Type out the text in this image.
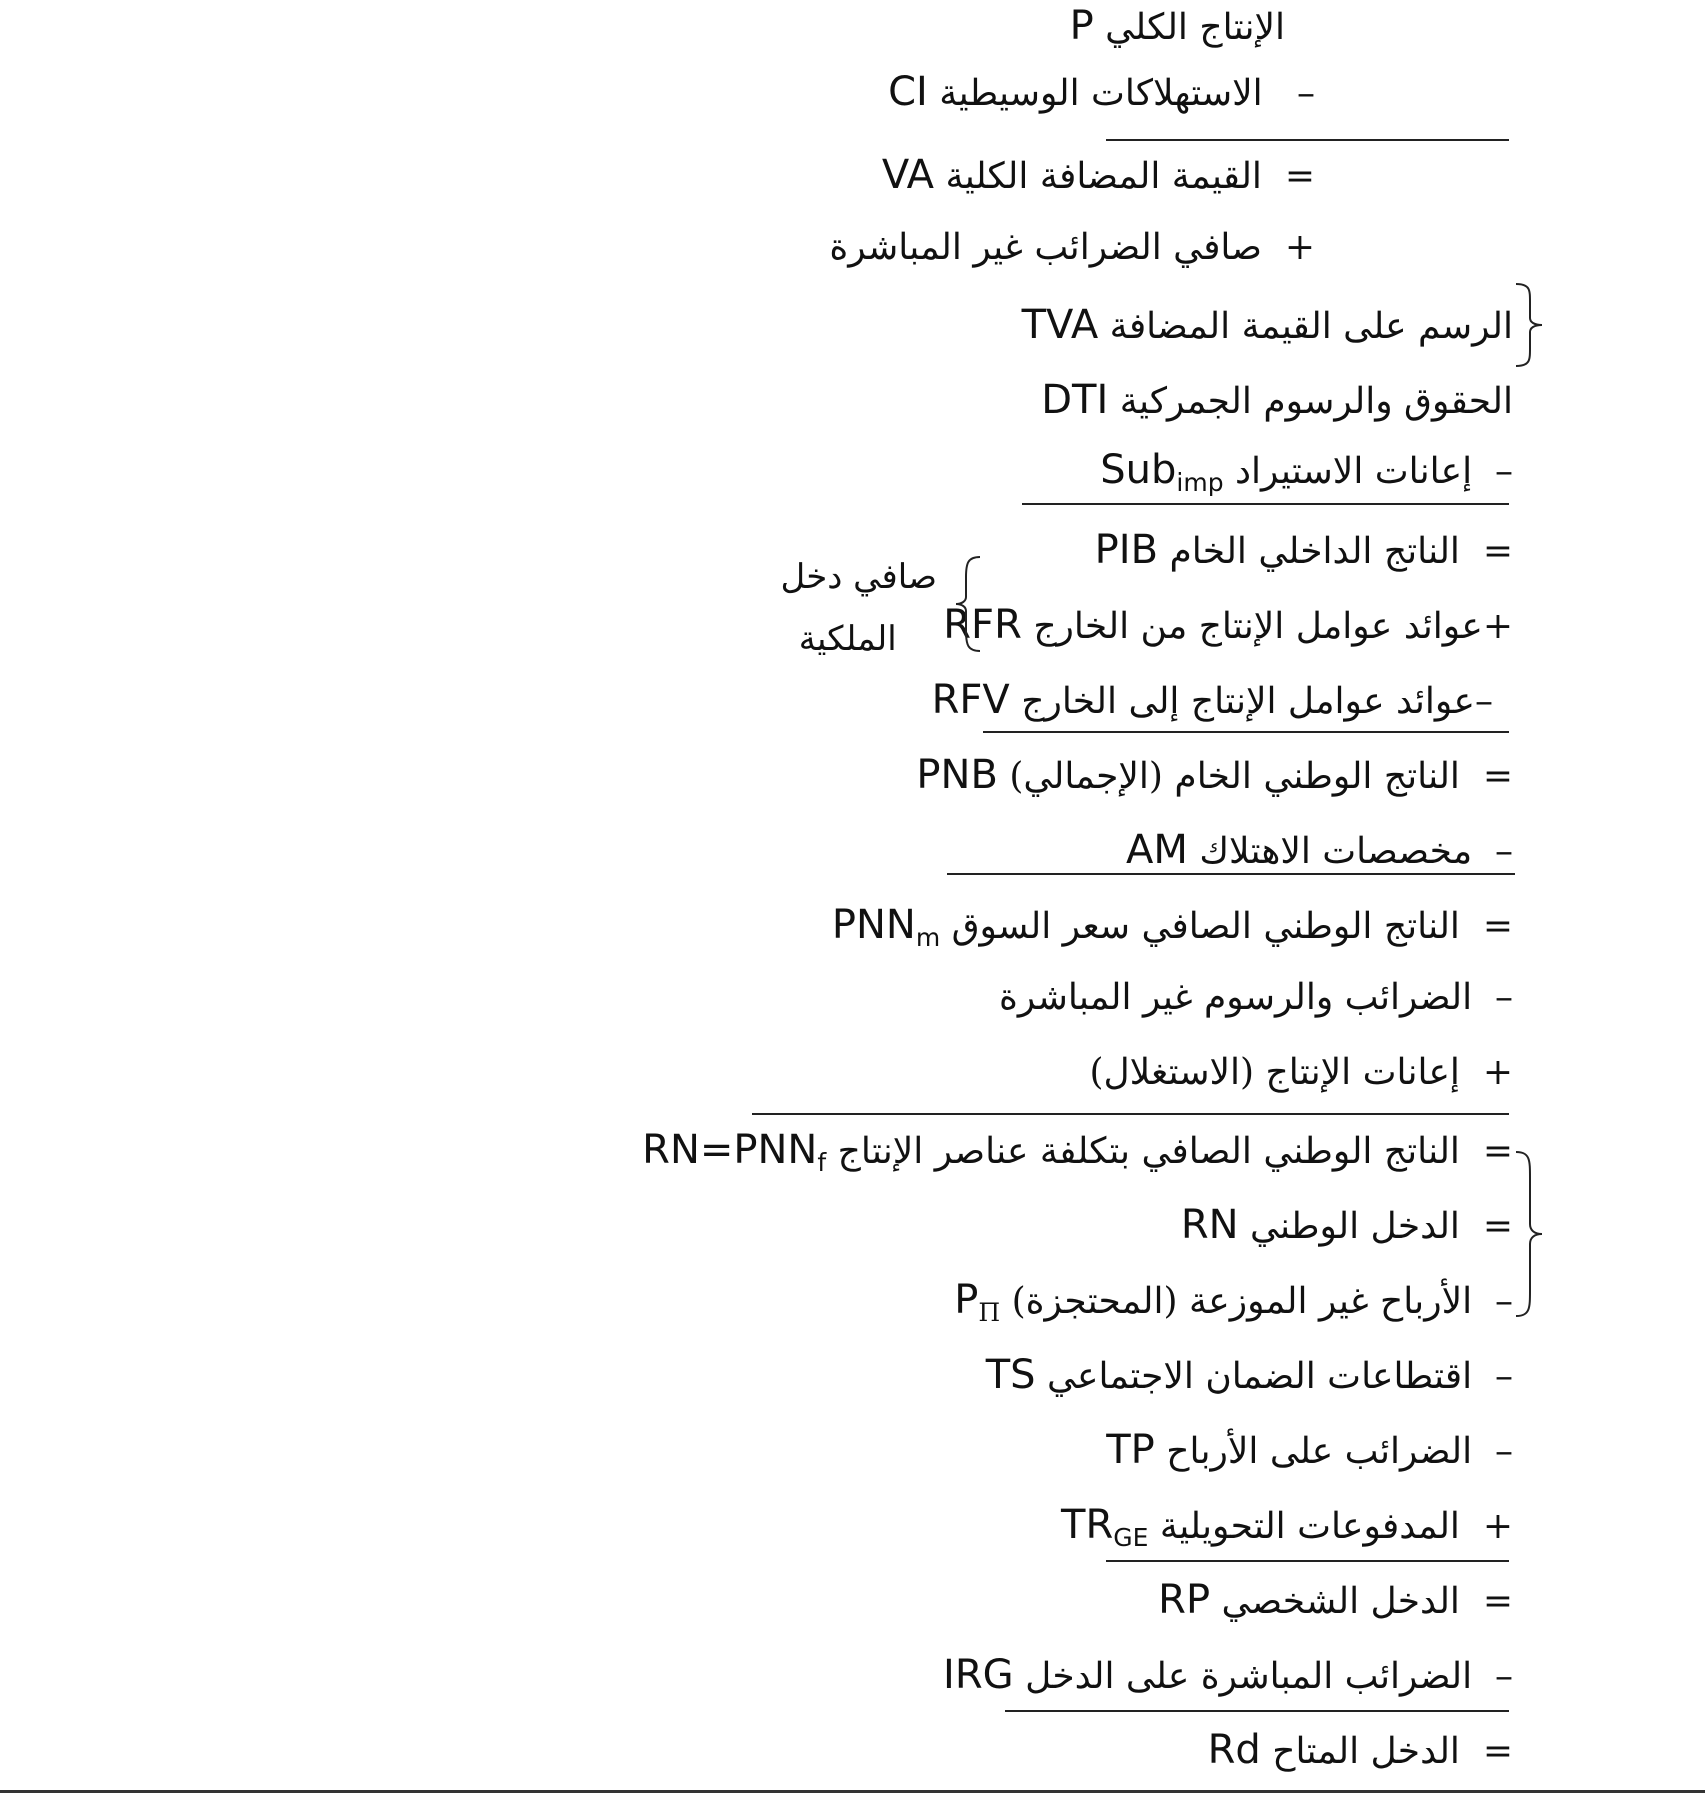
الإنتاج الكلي P
–   الاستهلاكات الوسيطية CI
=  القيمة المضافة الكلية VA
+  صافي الضرائب غير المباشرة
الرسم على القيمة المضافة TVA
الحقوق والرسوم الجمركية DTI
–  إعانات الاستيراد Sub$_{imp}$
=  الناتج الداخلي الخام PIB
+عوائد عوامل الإنتاج من الخارج RFR
صافي دخل
الملكية
–عوائد عوامل الإنتاج إلى الخارج RFV
=  الناتج الوطني الخام (الإجمالي) PNB
–  مخصصات الاهتلاك AM
=  الناتج الوطني الصافي سعر السوق $PNN_m$
–  الضرائب والرسوم غير المباشرة
+  إعانات الإنتاج (الاستغلال)
=  الناتج الوطني الصافي بتكلفة عناصر الإنتاج $RN=PNN_f$
=  الدخل الوطني RN
–  الأرباح غير الموزعة (المحتجزة) $P_\Pi$
–  اقتطاعات الضمان الاجتماعي TS
–  الضرائب على الأرباح TP
+  المدفوعات التحويلية $TR_{GE}$
=  الدخل الشخصي RP
–  الضرائب المباشرة على الدخل IRG
=  الدخل المتاح Rd
